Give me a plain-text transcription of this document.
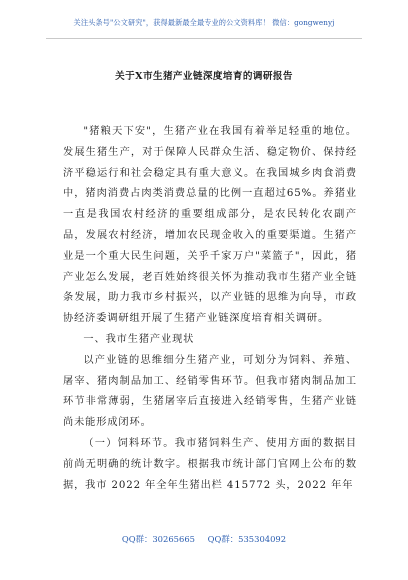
关注头条号"公文研究"，获得最新最全最专业的公文资料库！ 微信：gongwenyj
关于X市生猪产业链深度培育的调研报告

"猪粮天下安"，生猪产业在我国有着举足轻重的地位。发展生猪生产，对于保障人民群众生活、稳定物价、保持经济平稳运行和社会稳定具有重大意义。在我国城乡肉食消费中，猪肉消费占肉类消费总量的比例一直超过65%。养猪业一直是我国农村经济的重要组成部分，是农民转化农副产品，发展农村经济，增加农民现金收入的重要渠道。生猪产业是一个重大民生问题，关乎千家万户"菜篮子"，因此，猪产业怎么发展，老百姓始终很关怀为推动我市生猪产业全链条发展，助力我市乡村振兴，以产业链的思维为向导，市政协经济委调研组开展了生猪产业链深度培育相关调研。

一、我市生猪产业现状

以产业链的思维细分生猪产业，可划分为饲料、养殖、屠宰、猪肉制品加工、经销零售环节。但我市猪肉制品加工环节非常薄弱，生猪屠宰后直接进入经销零售，生猪产业链尚未能形成闭环。

（一）饲料环节。我市猪饲料生产、使用方面的数据目前尚无明确的统计数字。根据我市统计部门官网上公布的数据，我市 2022 年全年生猪出栏 415772 头，2022 年年

QQ群：30265665 QQ群：535304092
